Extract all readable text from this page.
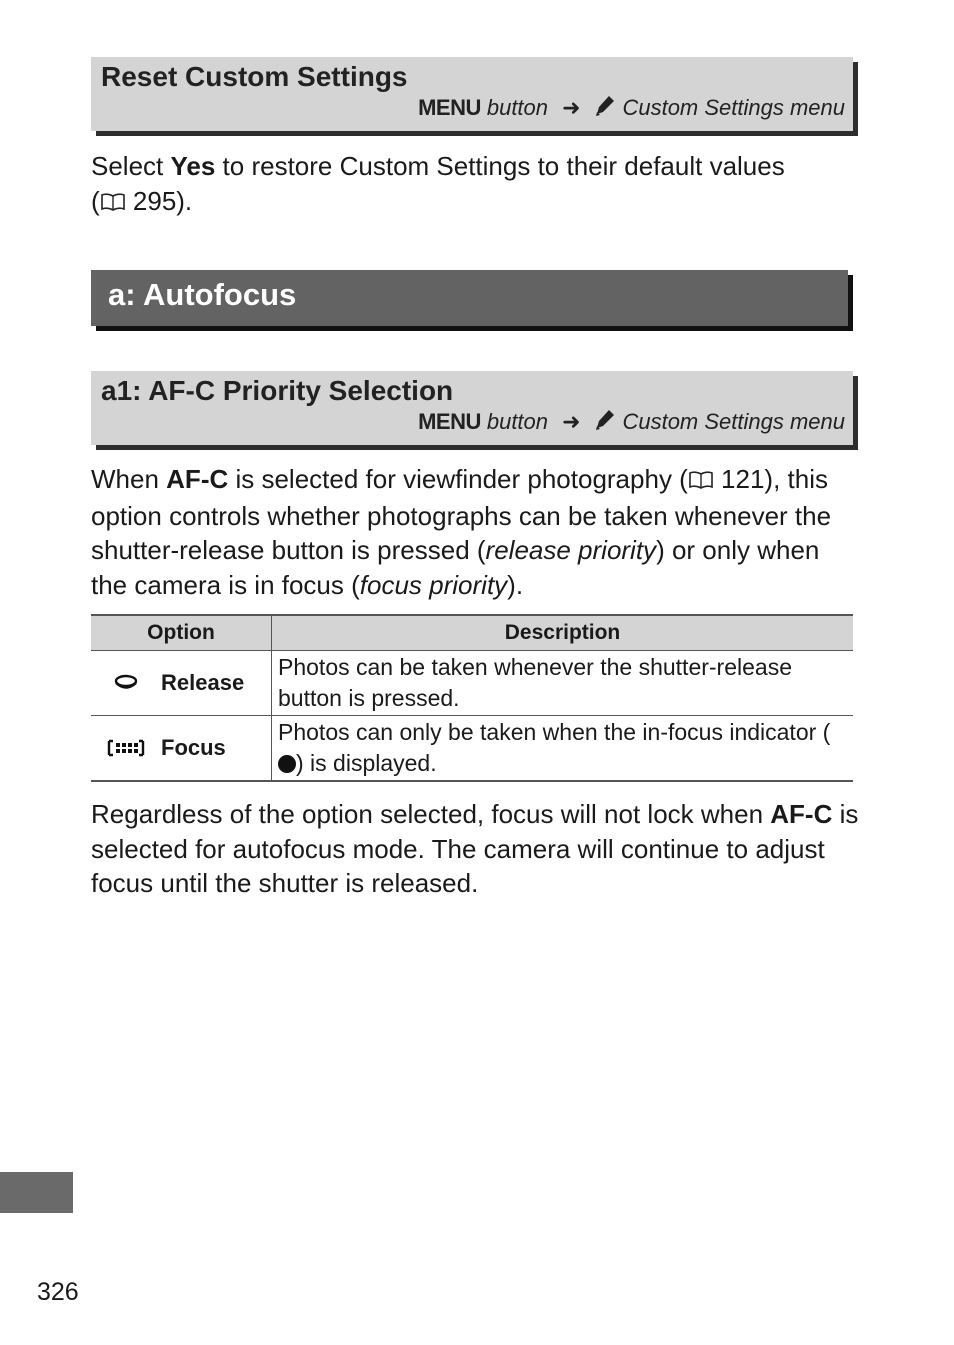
Reset Custom Settings
MENU button ➜ Custom Settings menu
Select Yes to restore Custom Settings to their default values
( 295).
a: Autofocus
a1: AF-C Priority Selection
MENU button ➜ Custom Settings menu
When AF-C is selected for viewfinder photography ( 121), this option controls whether photographs can be taken whenever the shutter-release button is pressed (release priority) or only when the camera is in focus (focus priority).
Option	Description

Release	Photos can be taken whenever the shutter-release button is pressed.

Focus	Photos can only be taken when the in-focus indicator () is displayed.
Regardless of the option selected, focus will not lock when AF-C is selected for autofocus mode. The camera will continue to adjust focus until the shutter is released.
326
